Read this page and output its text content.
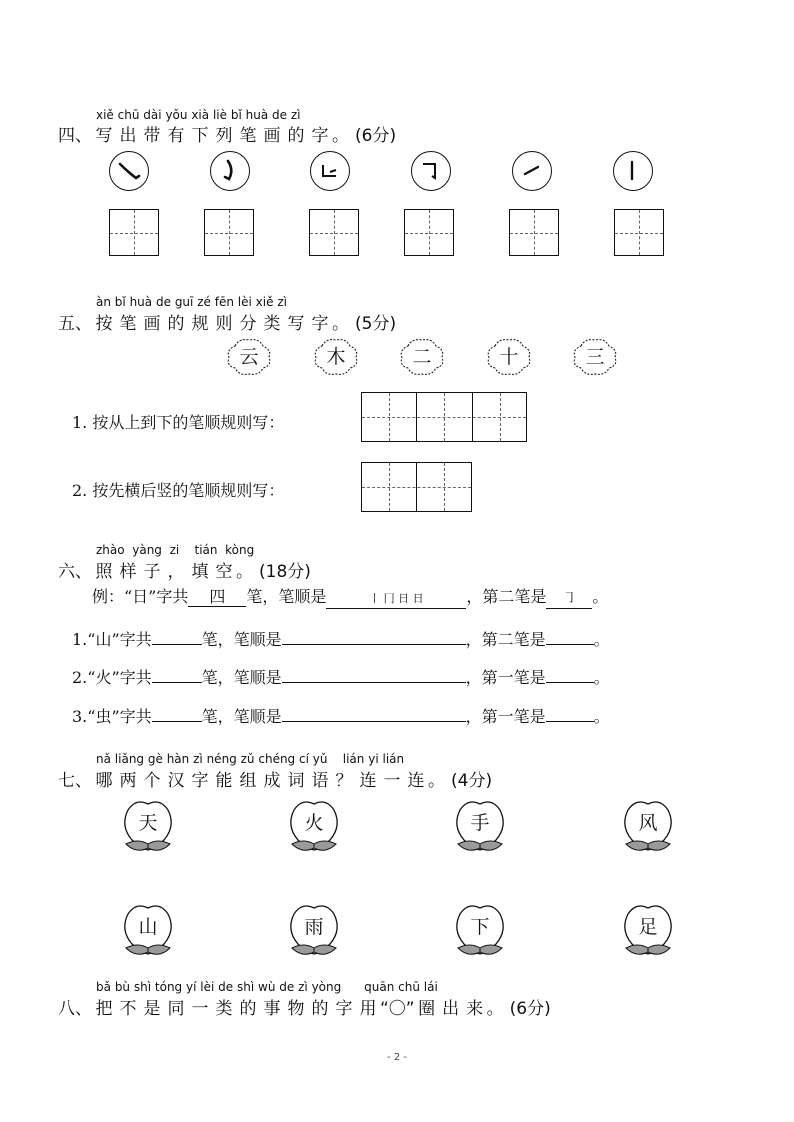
xiě chū dài yǒu xià liè bǐ huà de zì
四、 写 出 带 有 下 列 笔 画 的 字 。 (6分)
àn bǐ huà de guī zé fēn lèi xiě zì
五、 按 笔 画 的 规 则 分 类 写 字 。 (5分)
云	木	二	十	三
1. 按从上到下的笔顺规则写：
2. 按先横后竖的笔顺规则写：
zhào yàng zi tián kòng
六、 照 样 子 ， 填 空 。 (18分)
例：“日”字共 四 笔，笔顺是	丨 冂 日 日	，第二笔是 ㇆ 。
1.“山”字共	笔，笔顺是	，第二笔是	。
2.“火”字共	笔，笔顺是	，第一笔是	。
3.“虫”字共	笔，笔顺是	，第一笔是	。
nǎ liǎng gè hàn zì néng zǔ chéng cí yǔ lián yi lián
七、 哪 两 个 汉 字 能 组 成 词 语 ？ 连 一 连 。 (4分)
天	火	手	风
山	雨	下	足
bǎ bù shì tóng yí lèi de shì wù de zì yòng quān chū lái
八、 把 不 是 同 一 类 的 事 物 的 字 用 “〇” 圈 出 来 。 (6分)
- 2 -
